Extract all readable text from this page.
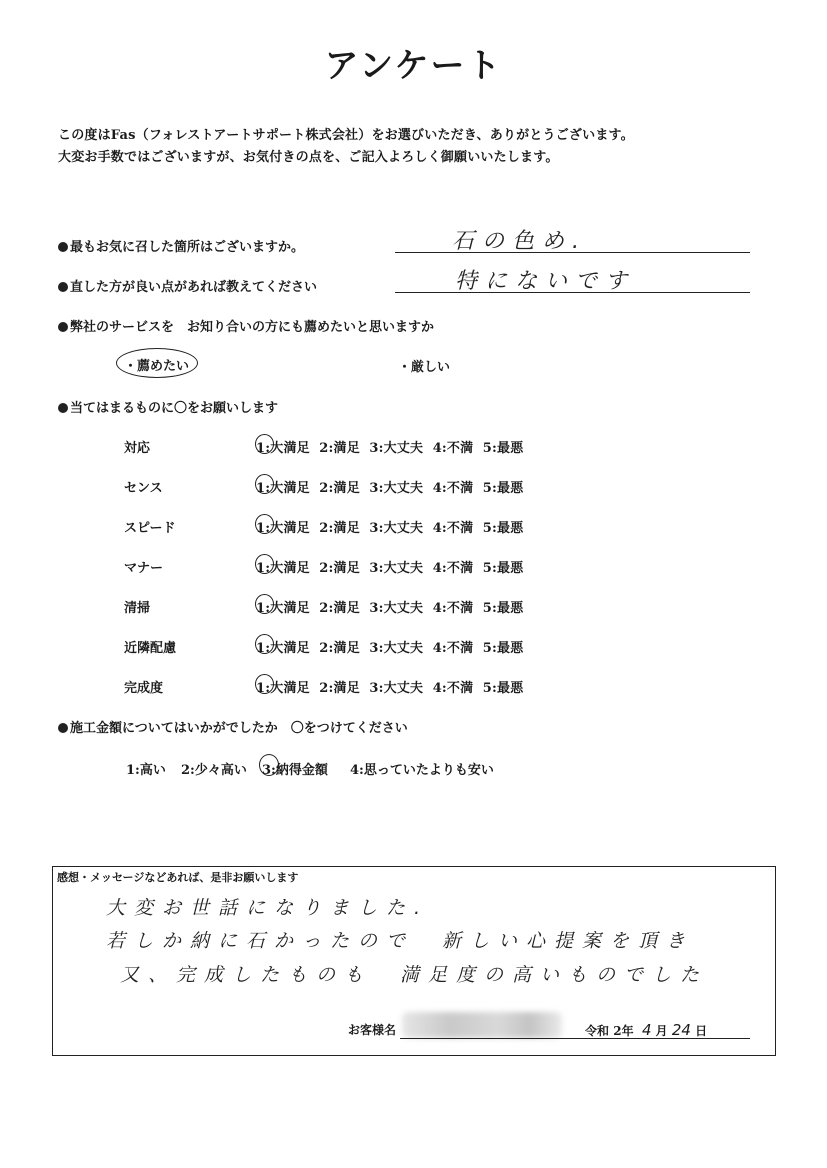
アンケート
この度はFas（フォレストアートサポート株式会社）をお選びいただき、ありがとうございます。
大変お手数ではございますが、お気付きの点を、ご記入よろしく御願いいたします。
最もお気に召した箇所はございますか。	石の色め.
直した方が良い点があれば教えてください	特にないです
弊社のサービスを　お知り合いの方にも薦めたいと思いますか
・薦めたい	・厳しい
当てはまるものに〇をお願いします
対応	1:大満足  2:満足  3:大丈夫  4:不満  5:最悪
センス	1:大満足  2:満足  3:大丈夫  4:不満  5:最悪
スピード	1:大満足  2:満足  3:大丈夫  4:不満  5:最悪
マナー	1:大満足  2:満足  3:大丈夫  4:不満  5:最悪
清掃	1:大満足  2:満足  3:大丈夫  4:不満  5:最悪
近隣配慮	1:大満足  2:満足  3:大丈夫  4:不満  5:最悪
完成度	1:大満足  2:満足  3:大丈夫  4:不満  5:最悪
施工金額についてはいかがでしたか　〇をつけてください
1:高い 2:少々高い 3:納得金額 4:思っていたよりも安い
感想・メッセージなどあれば、是非お願いします
大変お世話になりました.
若しか納に石かったので　新しい心提案を頂き
又、完成したものも　満足度の高いものでした
お客様名	令和 2年 4 月 24 日
